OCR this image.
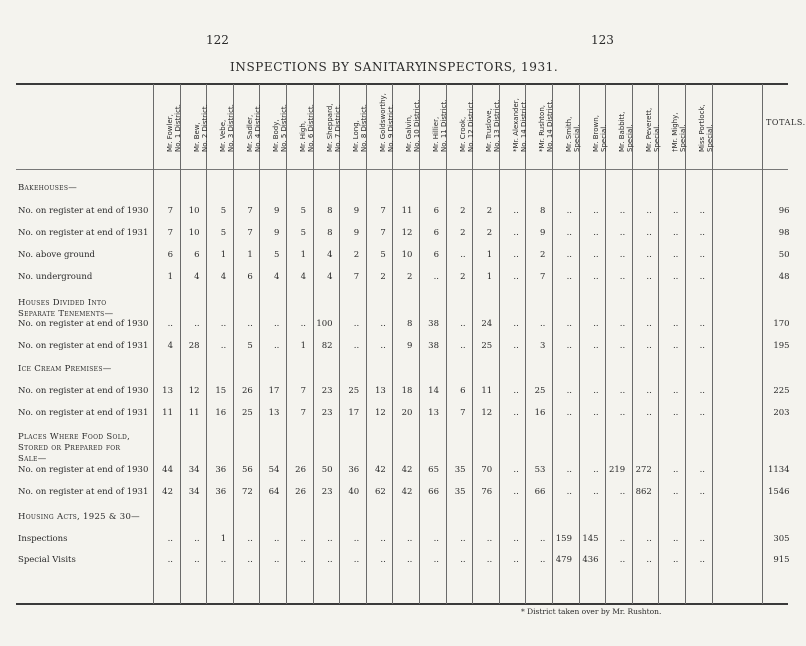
122	123
INSPECTIONS BY SANITARY
INSPECTORS, 1931.
Mr. Fowler,
No. 1 District.
Mr. Bew,
No. 2 District.
Mr. Vebe,
No. 3 District.
Mr. Sadler,
No. 4 District.
Mr. Body,
No. 5 District.
Mr. High,
No. 6 District.
Mr. Sheppard,
No. 7 District.
Mr. Long,
No. 8 District.
Mr. Goldsworthy,
No. 9 District.
Mr. Galvin,
No. 10 District.
Mr. Hillier,
No. 11 District.
Mr. Crook,
No. 12 District.
Mr. Truslove,
No. 13 District.
*Mr. Alexander,
No. 14 District.
*Mr. Rushton,
No. 14 District.
Mr. Smith,
Special. Mr. Brown,
Special. Mr. Babbitt,
Special. Mr. Peverett,
Special. †Mr. Mighy,
Special. Miss Portlock,
Special.
Bakehouses—
No. on register at end of 1930	7	10	5	7	9	5	8	9	7	11	6	2	2	..	8	..	..	..	..	..	..	96
No. on register at end of 1931	7	10	5	7	9	5	8	9	7	12	6	2	2	..	9	..	..	..	..	..	..	98
No. above ground	6	6	1	1	5	1	4	2	5	10	6	..	1	..	2	..	..	..	..	..	..	50
No. underground	1	4	4	6	4	4	4	7	2	2	..	2	1	..	7	..	..	..	..	..	..	48
Houses Divided Into
Separate Tenements—
No. on register at end of 1930	..	..	..	..	..	..	100	..	..	8	38	..	24	..	..	..	..	..	..	..	..	170
No. on register at end of 1931	4	28	..	5	..	1	82	..	..	9	38	..	25	..	3	..	..	..	..	..	..	195
Ice Cream Premises—
No. on register at end of 1930	13	12	15	26	17	7	23	25	13	18	14	6	11	..	25	..	..	..	..	..	..	225
No. on register at end of 1931	11	11	16	25	13	7	23	17	12	20	13	7	12	..	16	..	..	..	..	..	..	203
Places Where Food Sold,
Stored or Prepared for
Sale—
No. on register at end of 1930	44	34	36	56	54	26	50	36	42	42	65	35	70	..	53	..	..	219	272	..	..	1134
No. on register at end of 1931	42	34	36	72	64	26	23	40	62	42	66	35	76	..	66	..	..	..	862	..	..	1546
Housing Acts, 1925 & 30—
Inspections	..	..	1	..	..	..	..	..	..	..	..	..	..	..	..	159	145	..	..	..	..	305
Special Visits	..	..	..	..	..	..	..	..	..	..	..	..	..	..	..	479	436	..	..	..	..	915
TOTALS.
* District taken over by Mr. Rushton.
